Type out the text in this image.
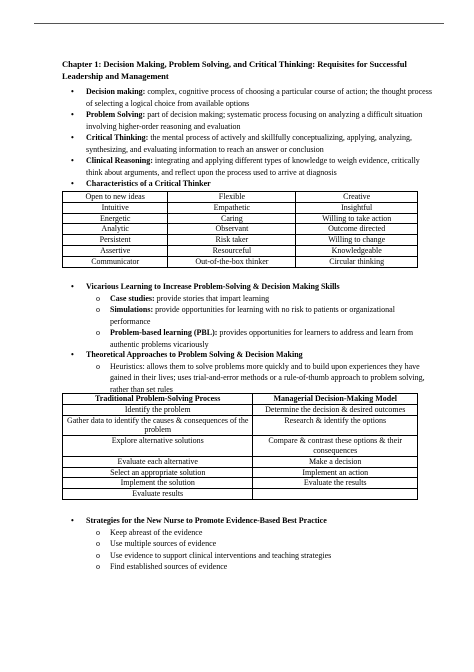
Chapter 1: Decision Making, Problem Solving, and Critical Thinking: Requisites for Successful Leadership and Management
• Decision making: complex, cognitive process of choosing a particular course of action; the thought process of selecting a logical choice from available options
• Problem Solving: part of decision making; systematic process focusing on analyzing a difficult situation involving higher-order reasoning and evaluation
• Critical Thinking: the mental process of actively and skillfully conceptualizing, applying, analyzing, synthesizing, and evaluating information to reach an answer or conclusion
• Clinical Reasoning: integrating and applying different types of knowledge to weigh evidence, critically think about arguments, and reflect upon the process used to arrive at diagnosis
• Characteristics of a Critical Thinker
Open to new ideas	Flexible	Creative
Intuitive	Empathetic	Insightful
Energetic	Caring	Willing to take action
Analytic	Observant	Outcome directed
Persistent	Risk taker	Willing to change
Assertive	Resourceful	Knowledgeable
Communicator	Out-of-the-box thinker	Circular thinking
• Vicarious Learning to Increase Problem-Solving & Decision Making Skills
o Case studies: provide stories that impart learning
o Simulations: provide opportunities for learning with no risk to patients or organizational performance
o Problem-based learning (PBL): provides opportunities for learners to address and learn from authentic problems vicariously
• Theoretical Approaches to Problem Solving & Decision Making
o Heuristics: allows them to solve problems more quickly and to build upon experiences they have gained in their lives; uses trial-and-error methods or a rule-of-thumb approach to problem solving, rather than set rules
Traditional Problem-Solving Process	Managerial Decision-Making Model
Identify the problem	Determine the decision & desired outcomes
Gather data to identify the causes & consequences of the problem	Research & identify the options
Explore alternative solutions	Compare & contrast these options & their consequences
Evaluate each alternative	Make a decision
Select an appropriate solution	Implement an action
Implement the solution	Evaluate the results
Evaluate results	
• Strategies for the New Nurse to Promote Evidence-Based Best Practice
o Keep abreast of the evidence
o Use multiple sources of evidence
o Use evidence to support clinical interventions and teaching strategies
o Find established sources of evidence
